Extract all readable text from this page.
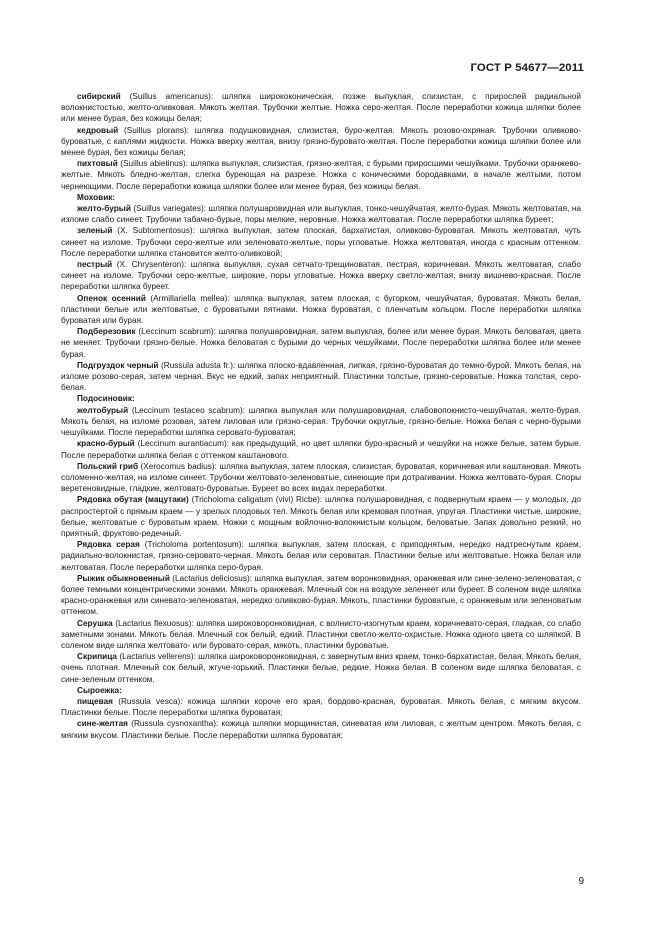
ГОСТ Р 54677—2011

сибирский (Suillus americanus): шляпка ширококоническая, позже выпуклая, слизистая, с прирослей радиальной волокнистостью, желто-оливковая. Мякоть желтая. Трубочки желтые. Ножка серо-желтая. После переработки кожица шляпки более или менее бурая, без кожицы белая;

кедровый (Suillus plorans): шляпка подушковидная, слизистая, буро-желтая. Мякоть розово-охряная. Трубочки оливково-буроватые, с каплями жидкости. Ножка вверху желтая, внизу грязно-буровато-желтая. После переработки кожица шляпки более или менее бурая, без кожицы белая;

пихтовый (Suillus abietinus): шляпка выпуклая, слизистая, грязно-желтая, с бурыми приросшими чешуйками. Трубочки оранжево-желтые. Мякоть бледно-желтая, слегка буреющая на разрезе. Ножка с коническими бородавками, в начале желтыми, потом чернеющими. После переработки кожица шляпки более или менее бурая, без кожицы белая.

Моховик:

желто-бурый (Suillus variegates): шляпка полушаровидная или выпуклая, тонко-чешуйчатая, желто-бурая. Мякоть желтоватая, на изломе слабо синеет. Трубочки табачно-бурые, поры мелкие, неровные. Ножка желтоватая. После переработки шляпка буреет;

зеленый (X. Subtomentosus): шляпка выпуклая, затем плоская, бархатистая, оливково-буроватая. Мякоть желтоватая, чуть синеет на изломе. Трубочки серо-желтые или зеленовато-желтые, поры угловатые. Ножка желтоватая, иногда с красным оттенком. После переработки шляпка становится желто-оливковой;

пестрый (X. Chrysenteron): шляпка выпуклая, сухая сетчато-трещиноватая, пестрая, коричневая. Мякоть желтоватая, слабо синеет на изломе. Трубочки серо-желтые, широкие, поры угловатые. Ножка вверху светло-желтая, внизу вишнево-красная. После переработки шляпка буреет.

Опенок осенний (Armillariella mellea): шляпка выпуклая, затем плоская, с бугорком, чешуйчатая, буроватая. Мякоть белая, пластинки белые или желтоватые, с буроватыми пятнами. Ножка буроватая, с пленчатым кольцом. После переработки шляпка буроватая или бурая.

Подберезовик (Leccinum scabrum): шляпка полушаровидная, затем выпуклая, более или менее бурая. Мякоть беловатая, цвета не меняет. Трубочки грязно-белые. Ножка беловатая с бурыми до черных чешуйками. После переработки шляпка более или менее бурая.

Подгруздок черный (Russula adusta fr.): шляпка плоско-вдавленная, липкая, грязно-буроватая до темно-бурой. Мякоть белая, на изломе розово-серая, затем черная. Вкус не едкий, запах неприятный. Пластинки толстые, грязно-сероватые. Ножка толстая, серо-белая.

Подосиновик:

желтобурый (Leccinum testaceo scabrum): шляпка выпуклая или полушаровидная, слабовопокнисто-чешуйчатая, желто-бурая. Мякоть белая, на изломе розовая, затем лиловая или грязно-серая. Трубочки округлые, грязно-белые. Ножка белая с черно-бурыми чешуйками. После переработки шляпка серовато-буроватая;

красно-бурый (Leccinum aurantiacum): как предыдущий, но цвет шляпки буро-красный и чешуйки на ножке белые, затем бурые. После переработки шляпка белая с оттенком каштанового.

Польский гриб (Xerocomus badius): шляпка выпуклая, затем плоская, слизистая, буроватая, коричневая или каштановая. Мякоть соломенно-желтая, на изломе синеет. Трубочки желтовато-зеленоватые, синеющие при дотрагивании. Ножка желтовато-бурая. Споры веретеновидные, гладкие, желтовато-буроватые. Буреет во всех видах переработки.

Рядовка обутая (мацутаки) (Tricholoma caligatum (vivi) Ricbe): шляпка полушаровидная, с подвернутым краем — у молодых, до распростертой с прямым краем — у зрелых плодовых тел. Мякоть белая или кремовая плотная, упругая. Пластинки чистые, широкие, белые, желтоватые с буроватым краем. Ножки с мощным войлочно-волокнистым кольцом, беловатые. Запах довольно резкий, но приятный, фруктово-редечный.

Рядовка серая (Tricholoma portentosum): шляпка выпуклая, затем плоская, с приподнятым, нередко надтреснутым краем, радиально-волокнистая, грязно-серовато-черная. Мякоть белая или сероватая. Пластинки белые или желтоватые. Ножка белая или желтоватая. После переработки шляпка серо-бурая.

Рыжик обыкновенный (Lactarius deliciosus): шляпка выпуклая, затем воронковидная, оранжевая или сине-зелено-зеленоватая, с более темными концентрическими зонами. Мякоть оранжевая. Млечный сок на воздухе зеленеет или буреет. В соленом виде шляпка красно-оранжевая или синевато-зеленоватая, нередко оливково-бурая. Мякоть, пластинки буроватые, с оранжевым или зеленоватым оттенком.

Серушка (Lactarius flexuosus): шляпка широковоронковидная, с волнисто-изогнутым краем, коричневато-серая, гладкая, со слабо заметными зонами. Мякоть белая. Млечный сок белый, едкий. Пластинки светло-желто-охристые. Ножка одного цвета со шляпкой. В соленом виде шляпка желтовато- или буровато-серая, мякоть, пластинки буроватые.

Скрипица (Lactarius vellerens): шляпка широковоронковидная, с завернутым вниз краем, тонко-бархатистая, белая. Мякоть белая, очень плотная. Млечный сок белый, жгуче-горький. Пластинки белые, редкие. Ножка белая. В соленом виде шляпка беловатая, с сине-зеленым оттенком.

Сыроежка:

пищевая (Russula vesca): кожица шляпки короче его края, бордово-красная, буроватая. Мякоть белая, с мягким вкусом. Пластинки белые. После переработки шляпка буроватая;

сине-желтая (Russula cysnoxantha): кожица шляпки морщинистая, синеватая или лиловая, с желтым центром. Мякоть белая, с мягким вкусом. Пластинки белые. После переработки шляпка буроватая;

9
